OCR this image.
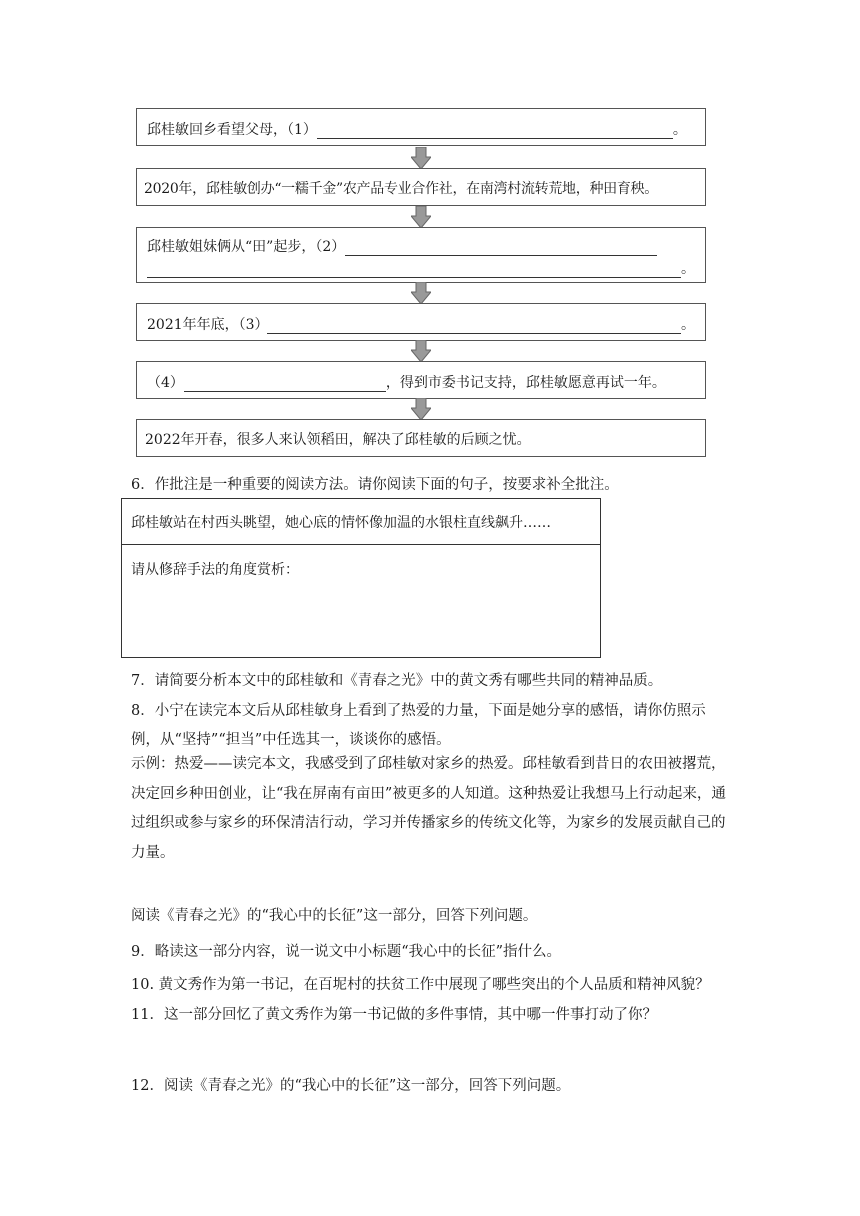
邱桂敏回乡看望父母，（1）	。
2020年，邱桂敏创办“一糯千金”农产品专业合作社，在南湾村流转荒地，种田育秧。
邱桂敏姐妹俩从“田”起步，（2）
。
2021年年底，（3）	。
（4）	，得到市委书记支持，邱桂敏愿意再试一年。
2022年开春，很多人来认领稻田，解决了邱桂敏的后顾之忧。
6．作批注是一种重要的阅读方法。请你阅读下面的句子，按要求补全批注。
邱桂敏站在村西头眺望，她心底的情怀像加温的水银柱直线飙升……
请从修辞手法的角度赏析：
7．请简要分析本文中的邱桂敏和《青春之光》中的黄文秀有哪些共同的精神品质。
8．小宁在读完本文后从邱桂敏身上看到了热爱的力量，下面是她分享的感悟，请你仿照示
例，从“坚持”“担当”中任选其一，谈谈你的感悟。
示例：热爱——读完本文，我感受到了邱桂敏对家乡的热爱。邱桂敏看到昔日的农田被撂荒，决定回乡种田创业，让“我在屏南有亩田”被更多的人知道。这种热爱让我想马上行动起来，通过组织或参与家乡的环保清洁行动，学习并传播家乡的传统文化等，为家乡的发展贡献自己的力量。
阅读《青春之光》的“我心中的长征”这一部分，回答下列问题。
9．略读这一部分内容，说一说文中小标题“我心中的长征”指什么。
10. 黄文秀作为第一书记，在百坭村的扶贫工作中展现了哪些突出的个人品质和精神风貌？
11．这一部分回忆了黄文秀作为第一书记做的多件事情，其中哪一件事打动了你？
12．阅读《青春之光》的“我心中的长征”这一部分，回答下列问题。
